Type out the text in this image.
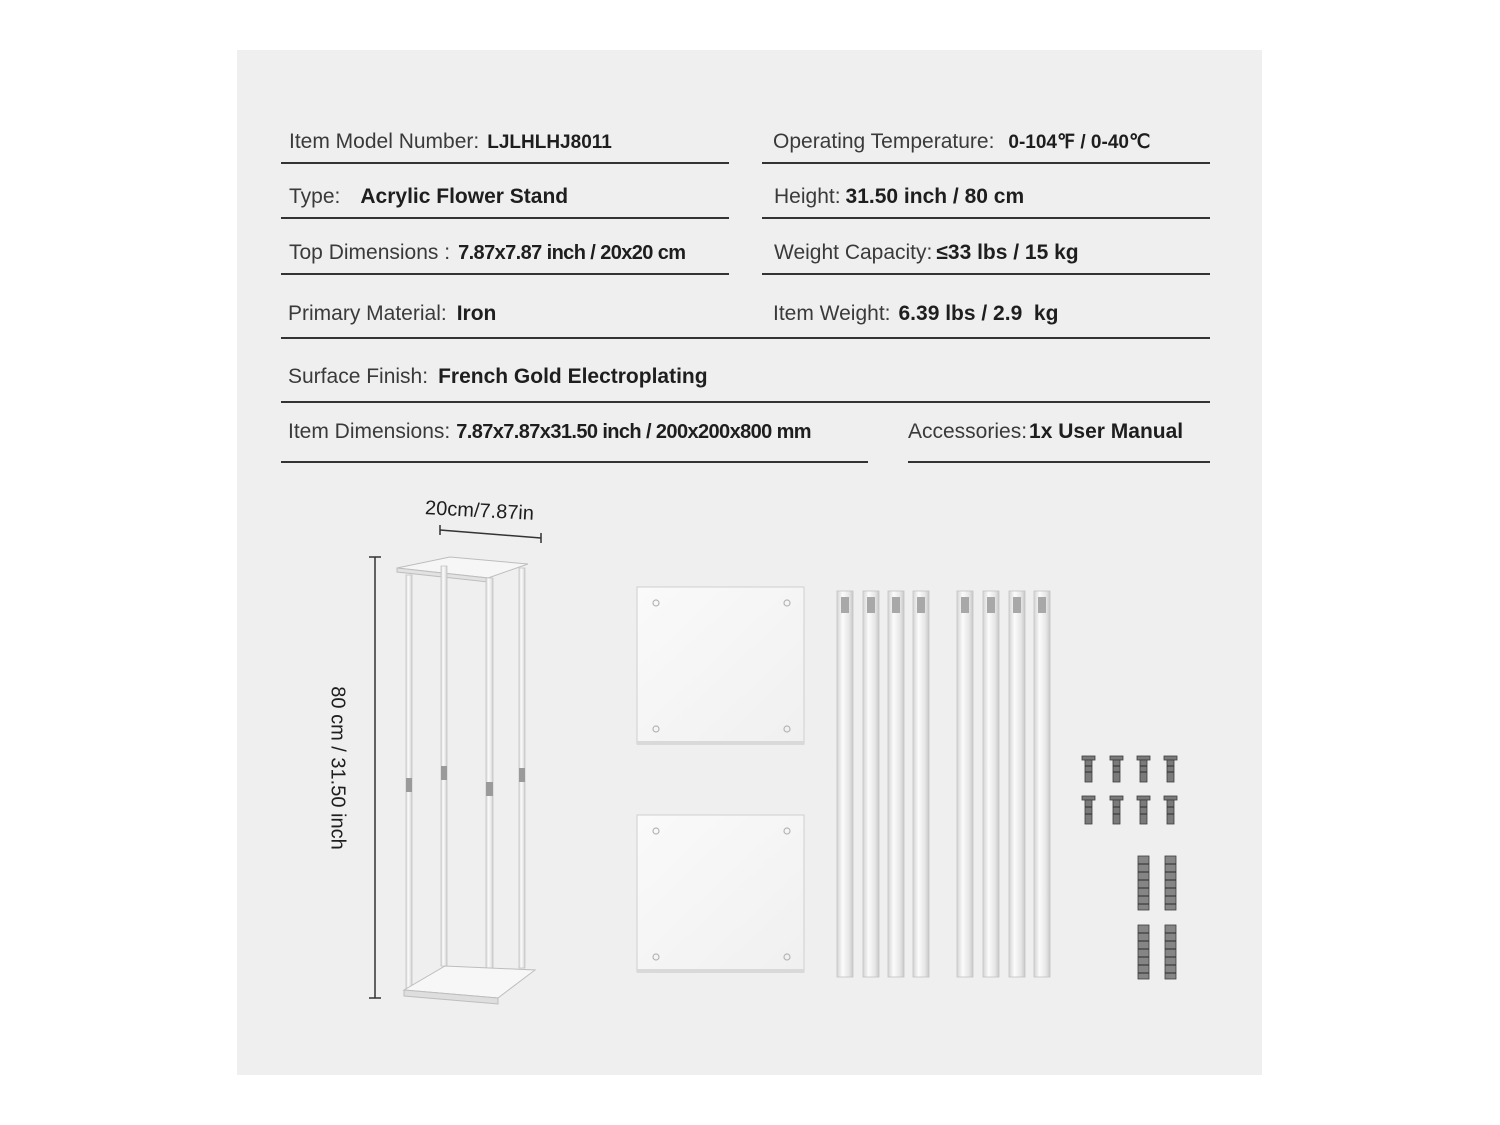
Item Model Number: LJLHLHJ8011	Operating Temperature: 0-104℉ / 0-40℃
Type: Acrylic Flower Stand	Height: 31.50 inch / 80 cm
Top Dimensions : 7.87x7.87 inch / 20x20 cm	Weight Capacity: ≤33 lbs / 15 kg
Primary Material: Iron	Item Weight: 6.39 lbs / 2.9  kg
Surface Finish: French Gold Electroplating
Item Dimensions: 7.87x7.87x31.50 inch / 200x200x800 mm	Accessories: 1x User Manual
20cm/7.87in
80 cm / 31.50 inch
